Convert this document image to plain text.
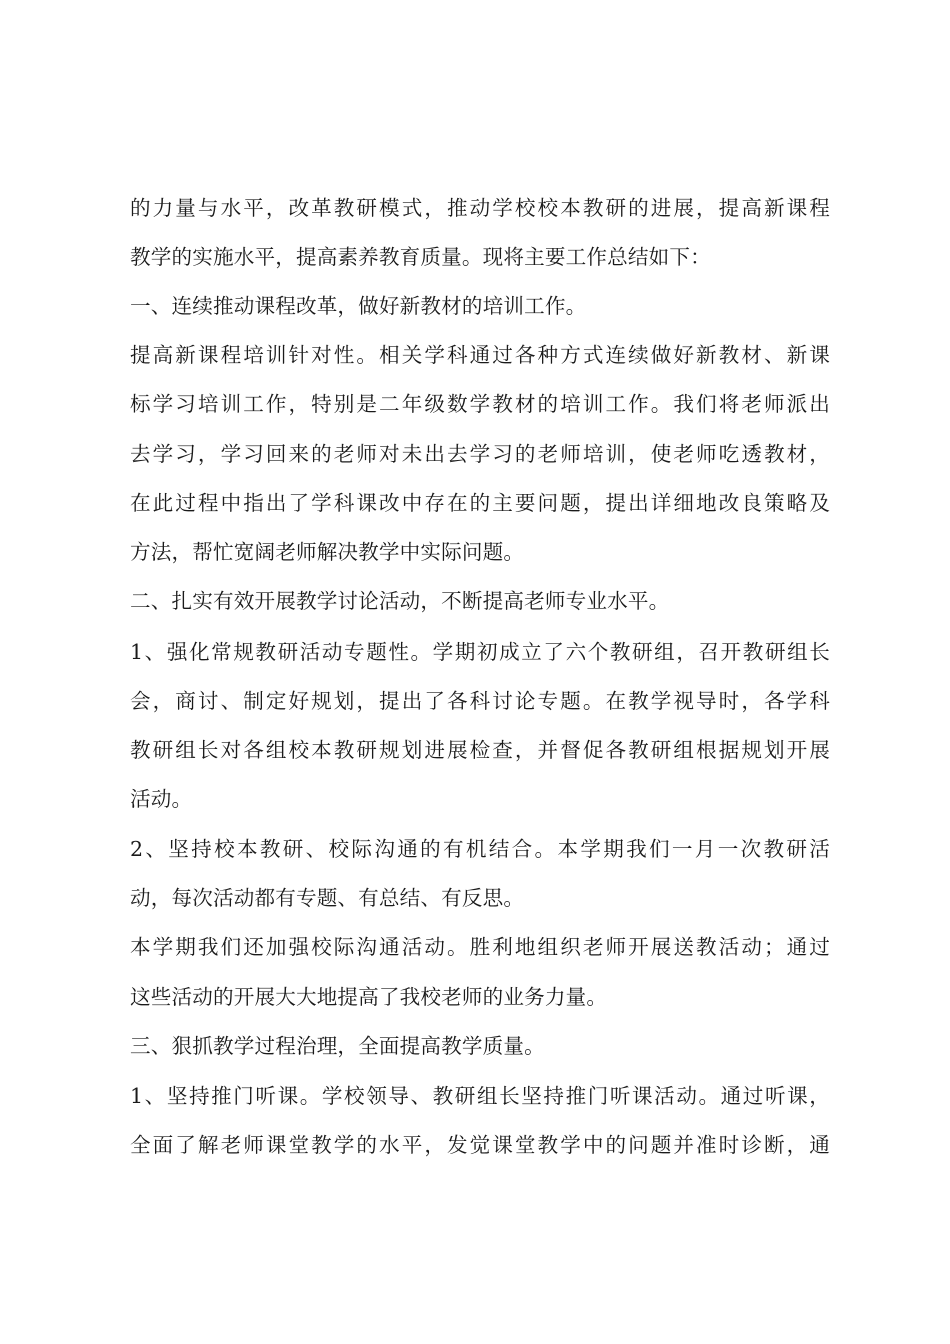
的力量与水平，改革教研模式，推动学校校本教研的进展，提高新课程
教学的实施水平，提高素养教育质量。现将主要工作总结如下：
一、连续推动课程改革，做好新教材的培训工作。
提高新课程培训针对性。相关学科通过各种方式连续做好新教材、新课
标学习培训工作，特别是二年级数学教材的培训工作。我们将老师派出
去学习，学习回来的老师对未出去学习的老师培训，使老师吃透教材，
在此过程中指出了学科课改中存在的主要问题，提出详细地改良策略及
方法，帮忙宽阔老师解决教学中实际问题。
二、扎实有效开展教学讨论活动，不断提高老师专业水平。
1、强化常规教研活动专题性。学期初成立了六个教研组，召开教研组长
会，商讨、制定好规划，提出了各科讨论专题。在教学视导时，各学科
教研组长对各组校本教研规划进展检查，并督促各教研组根据规划开展
活动。
2、坚持校本教研、校际沟通的有机结合。本学期我们一月一次教研活
动，每次活动都有专题、有总结、有反思。
本学期我们还加强校际沟通活动。胜利地组织老师开展送教活动；通过
这些活动的开展大大地提高了我校老师的业务力量。
三、狠抓教学过程治理，全面提高教学质量。
1、坚持推门听课。学校领导、教研组长坚持推门听课活动。通过听课，
全面了解老师课堂教学的水平，发觉课堂教学中的问题并准时诊断，通
